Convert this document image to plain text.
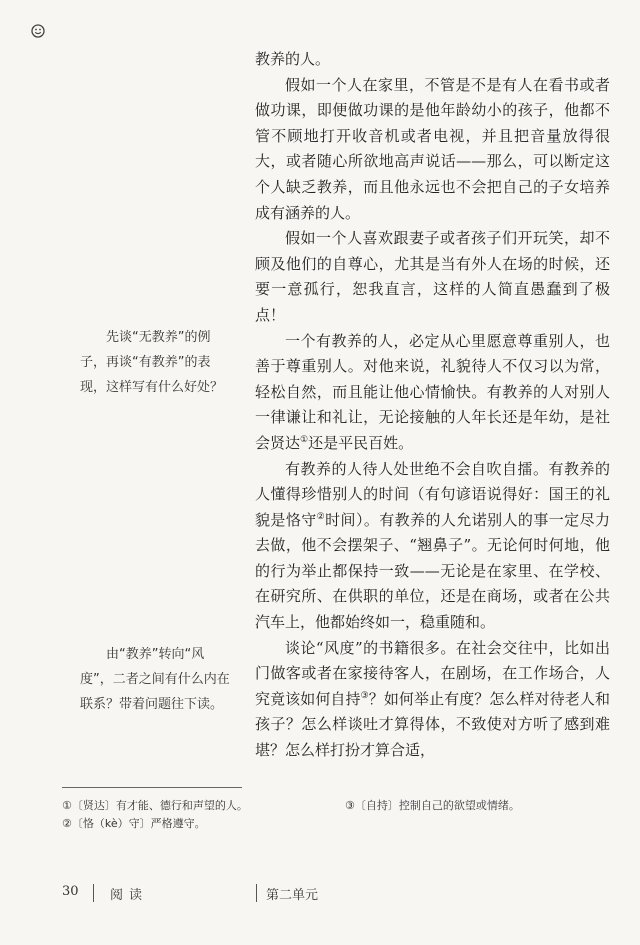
教养的人。

假如一个人在家里，不管是不是有人在看书或者做功课，即便做功课的是他年龄幼小的孩子，他都不管不顾地打开收音机或者电视，并且把音量放得很大，或者随心所欲地高声说话——那么，可以断定这个人缺乏教养，而且他永远也不会把自己的子女培养成有涵养的人。

假如一个人喜欢跟妻子或者孩子们开玩笑，却不顾及他们的自尊心，尤其是当有外人在场的时候，还要一意孤行，恕我直言，这样的人简直愚蠢到了极点！

一个有教养的人，必定从心里愿意尊重别人，也善于尊重别人。对他来说，礼貌待人不仅习以为常，轻松自然，而且能让他心情愉快。有教养的人对别人一律谦让和礼让，无论接触的人年长还是年幼，是社会贤达①还是平民百姓。

有教养的人待人处世绝不会自吹自擂。有教养的人懂得珍惜别人的时间（有句谚语说得好：国王的礼貌是恪守②时间）。有教养的人允诺别人的事一定尽力去做，他不会摆架子、“翘鼻子”。无论何时何地，他的行为举止都保持一致——无论是在家里、在学校、在研究所、在供职的单位，还是在商场，或者在公共汽车上，他都始终如一，稳重随和。

谈论“风度”的书籍很多。在社会交往中，比如出门做客或者在家接待客人，在剧场，在工作场合，人究竟该如何自持③？如何举止有度？怎么样对待老人和孩子？怎么样谈吐才算得体，不致使对方听了感到难堪？怎么样打扮才算合适，

先谈“无教养”的例子，再谈“有教养”的表现，这样写有什么好处？

由“教养”转向“风度”，二者之间有什么内在联系？带着问题往下读。

①〔贤达〕有才能、德行和声望的人。
②〔恪（kè）守〕严格遵守。
③〔自持〕控制自己的欲望或情绪。
30 阅读	第二单元
